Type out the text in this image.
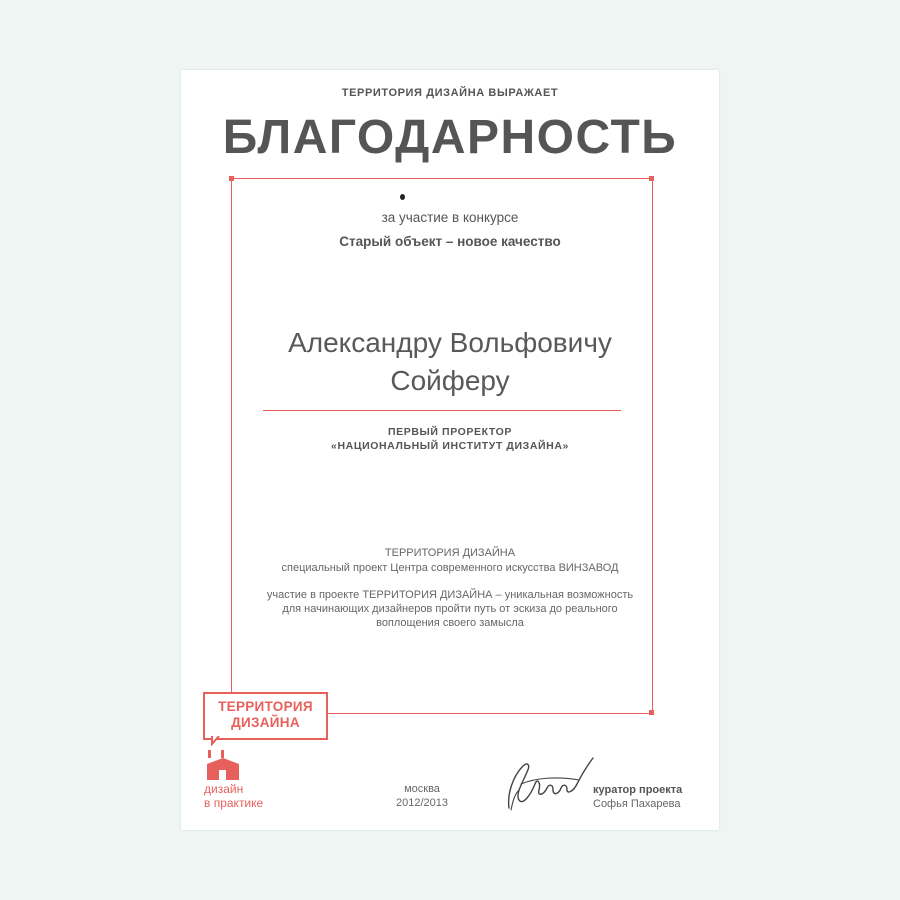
ТЕРРИТОРИЯ ДИЗАЙНА ВЫРАЖАЕТ
БЛАГОДАРНОСТЬ
за участие в конкурсе
Старый объект – новое качество
Александру Вольфовичу
Сойферу
ПЕРВЫЙ ПРОРЕКТОР
«НАЦИОНАЛЬНЫЙ ИНСТИТУТ ДИЗАЙНА»
ТЕРРИТОРИЯ ДИЗАЙНА
специальный проект Центра современного искусства ВИНЗАВОД
участие в проекте ТЕРРИТОРИЯ ДИЗАЙНА – уникальная возможность
для начинающих дизайнеров пройти путь от эскиза до реального
воплощения своего замысла
ТЕРРИТОРИЯ
ДИЗАЙНА
дизайн
в практике
москва
2012/2013
куратор проекта
Софья Пахарева
